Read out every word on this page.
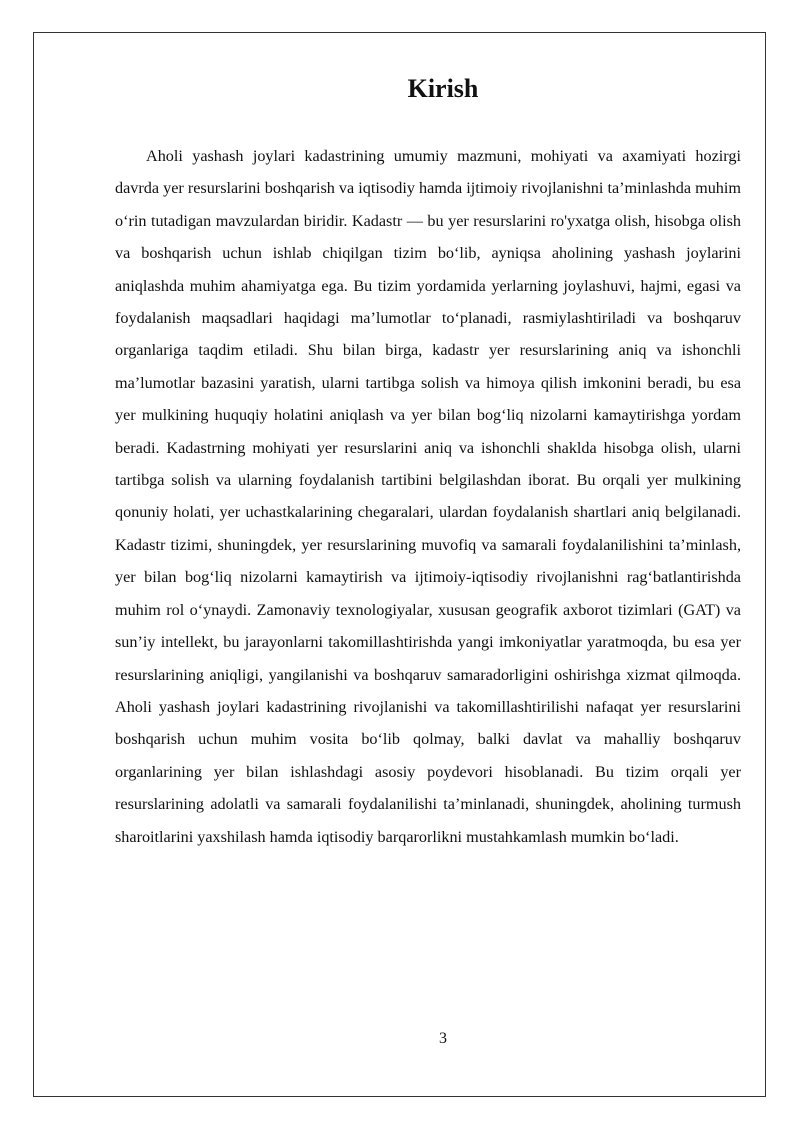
Kirish

Aholi yashash joylari kadastrining umumiy mazmuni, mohiyati va axamiyati hozirgi davrda yer resurslarini boshqarish va iqtisodiy hamda ijtimoiy rivojlanishni ta’minlashda muhim o‘rin tutadigan mavzulardan biridir. Kadastr — bu yer resurslarini ro'yxatga olish, hisobga olish va boshqarish uchun ishlab chiqilgan tizim bo‘lib, ayniqsa aholining yashash joylarini aniqlashda muhim ahamiyatga ega. Bu tizim yordamida yerlarning joylashuvi, hajmi, egasi va foydalanish maqsadlari haqidagi ma’lumotlar to‘planadi, rasmiylashtiriladi va boshqaruv organlariga taqdim etiladi. Shu bilan birga, kadastr yer resurslarining aniq va ishonchli ma’lumotlar bazasini yaratish, ularni tartibga solish va himoya qilish imkonini beradi, bu esa yer mulkining huquqiy holatini aniqlash va yer bilan bog‘liq nizolarni kamaytirishga yordam beradi. Kadastrning mohiyati yer resurslarini aniq va ishonchli shaklda hisobga olish, ularni tartibga solish va ularning foydalanish tartibini belgilashdan iborat. Bu orqali yer mulkining qonuniy holati, yer uchastkalarining chegaralari, ulardan foydalanish shartlari aniq belgilanadi. Kadastr tizimi, shuningdek, yer resurslarining muvofiq va samarali foydalanilishini ta’minlash, yer bilan bog‘liq nizolarni kamaytirish va ijtimoiy-iqtisodiy rivojlanishni rag‘batlantirishda muhim rol o‘ynaydi. Zamonaviy texnologiyalar, xususan geografik axborot tizimlari (GAT) va sun’iy intellekt, bu jarayonlarni takomillashtirishda yangi imkoniyatlar yaratmoqda, bu esa yer resurslarining aniqligi, yangilanishi va boshqaruv samaradorligini oshirishga xizmat qilmoqda. Aholi yashash joylari kadastrining rivojlanishi va takomillashtirilishi nafaqat yer resurslarini boshqarish uchun muhim vosita bo‘lib qolmay, balki davlat va mahalliy boshqaruv organlarining yer bilan ishlashdagi asosiy poydevori hisoblanadi. Bu tizim orqali yer resurslarining adolatli va samarali foydalanilishi ta’minlanadi, shuningdek, aholining turmush sharoitlarini yaxshilash hamda iqtisodiy barqarorlikni mustahkamlash mumkin bo‘ladi.

3
